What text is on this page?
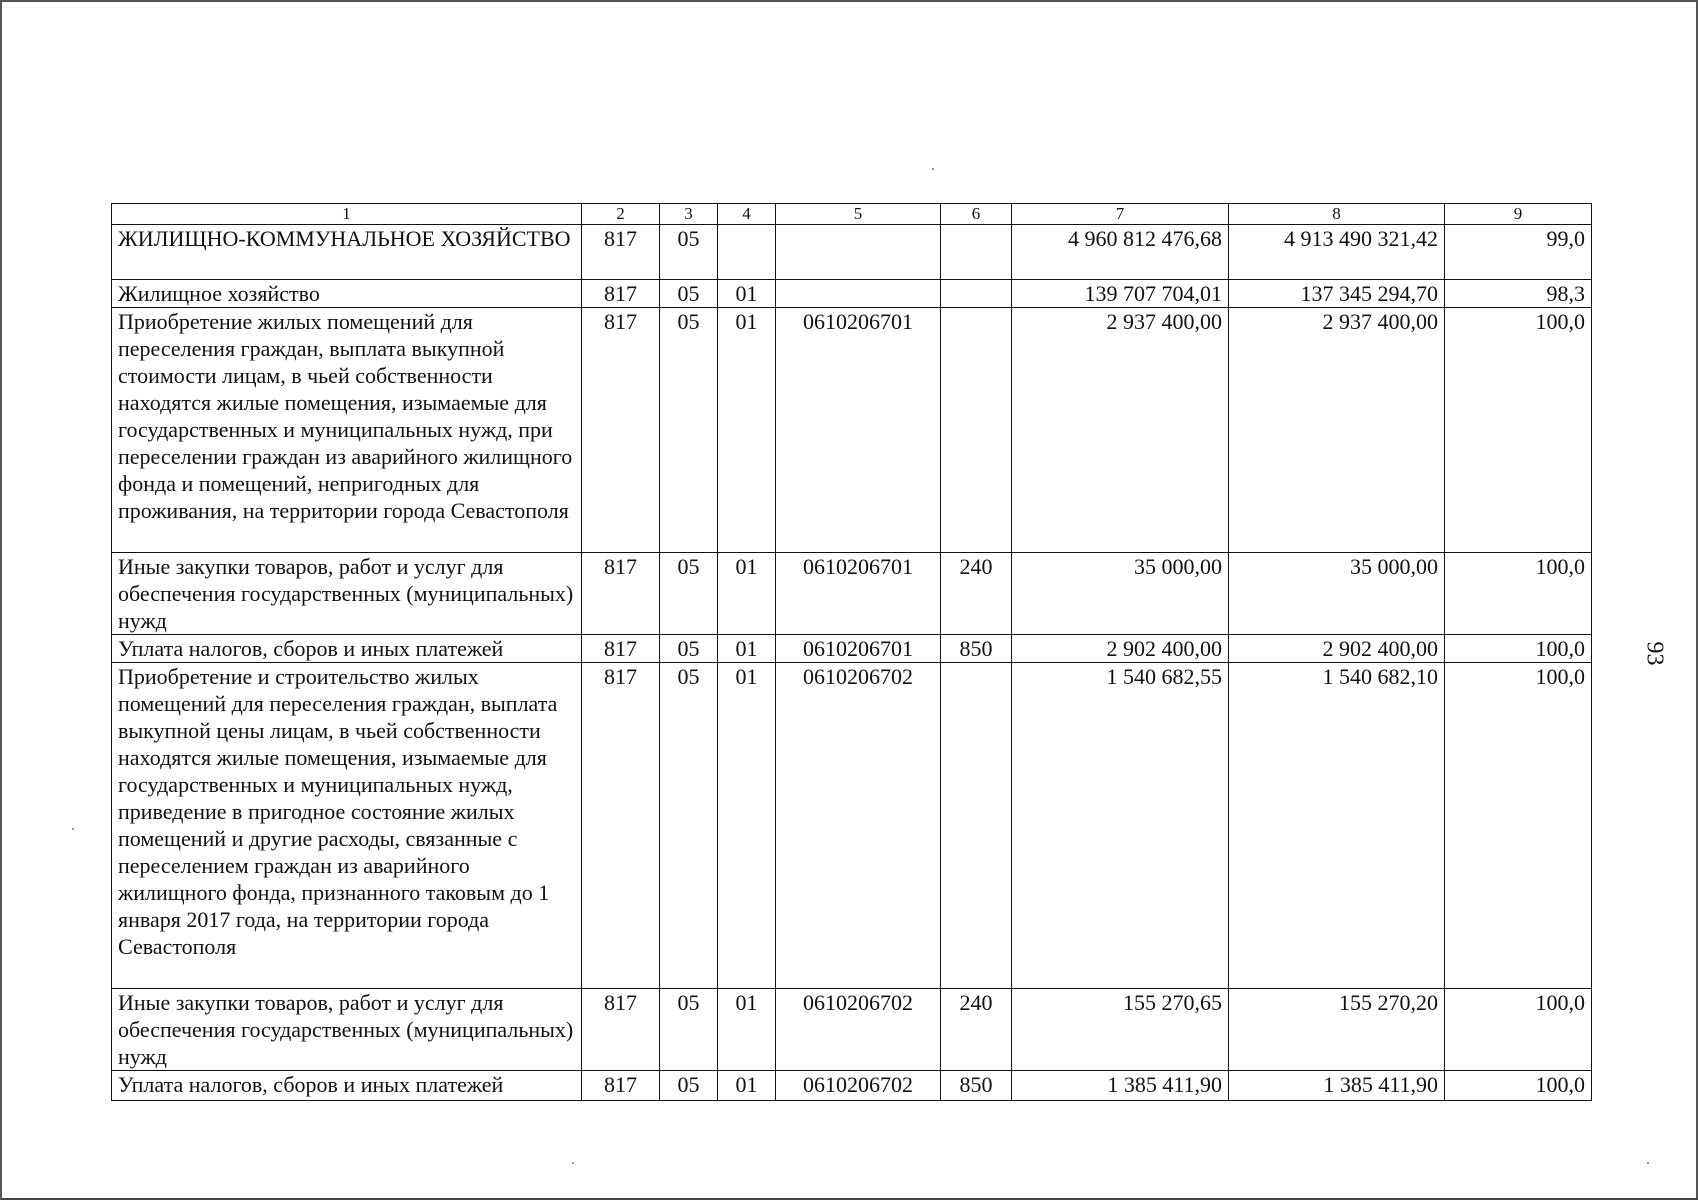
1	2	3	4	5	6	7	8	9
ЖИЛИЩНО-КОММУНАЛЬНОЕ ХОЗЯЙСТВО	817	05				4 960 812 476,68	4 913 490 321,42	99,0
Жилищное хозяйство	817	05	01			139 707 704,01	137 345 294,70	98,3
Приобретение жилых помещений для переселения граждан, выплата выкупной стоимости лицам, в чьей собственности находятся жилые помещения, изымаемые для государственных и муниципальных нужд, при переселении граждан из аварийного жилищного фонда и помещений, непригодных для проживания, на территории города Севастополя	817	05	01	0610206701		2 937 400,00	2 937 400,00	100,0
Иные закупки товаров, работ и услуг для обеспечения государственных (муниципальных) нужд	817	05	01	0610206701	240	35 000,00	35 000,00	100,0
Уплата налогов, сборов и иных платежей	817	05	01	0610206701	850	2 902 400,00	2 902 400,00	100,0
Приобретение и строительство жилых помещений для переселения граждан, выплата выкупной цены лицам, в чьей собственности находятся жилые помещения, изымаемые для государственных и муниципальных нужд, приведение в пригодное состояние жилых помещений и другие расходы, связанные с переселением граждан из аварийного жилищного фонда, признанного таковым до 1 января 2017 года, на территории города Севастополя	817	05	01	0610206702		1 540 682,55	1 540 682,10	100,0
Иные закупки товаров, работ и услуг для обеспечения государственных (муниципальных) нужд	817	05	01	0610206702	240	155 270,65	155 270,20	100,0
Уплата налогов, сборов и иных платежей	817	05	01	0610206702	850	1 385 411,90	1 385 411,90	100,0
93
